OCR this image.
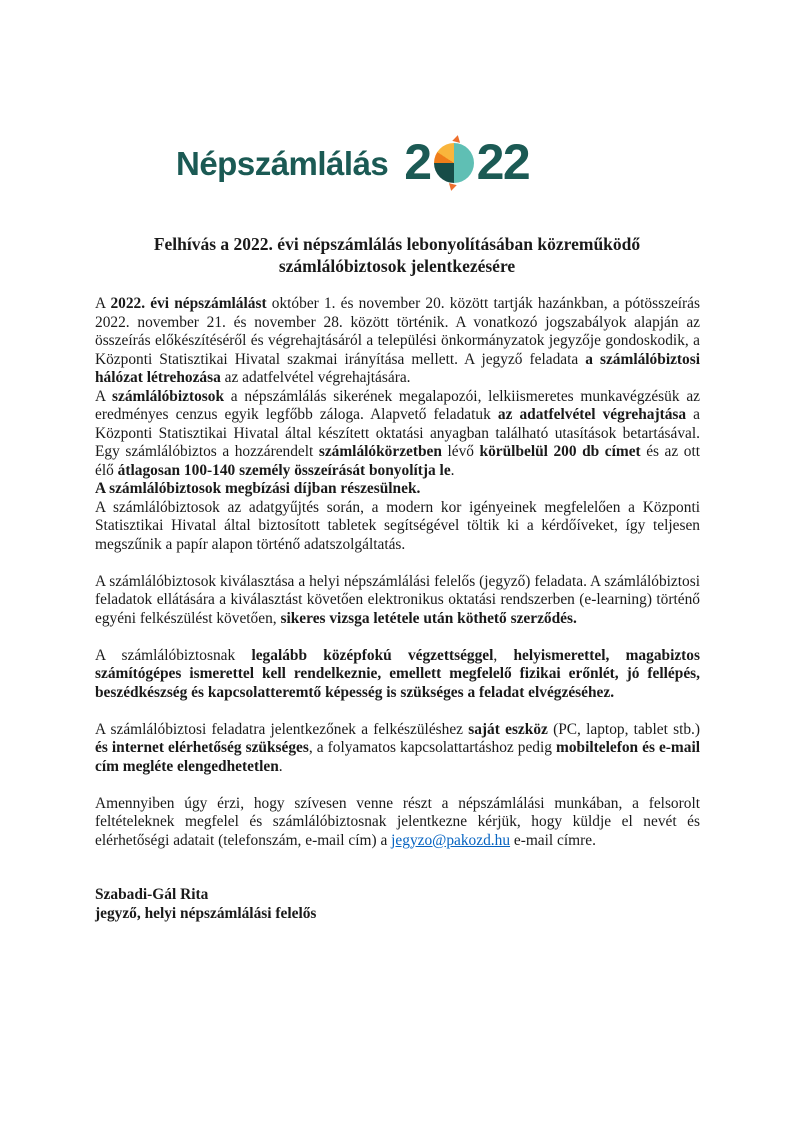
Népszámlálás 2 22
Felhívás a 2022. évi népszámlálás lebonyolításában közreműködő
számlálóbiztosok jelentkezésére

A 2022. évi népszámlálást október 1. és november 20. között tartják hazánkban, a pótösszeírás 2022. november 21. és november 28. között történik. A vonatkozó jogszabályok alapján az összeírás előkészítéséről és végrehajtásáról a települési önkormányzatok jegyzője gondoskodik, a Központi Statisztikai Hivatal szakmai irányítása mellett. A jegyző feladata a számlálóbiztosi hálózat létrehozása az adatfelvétel végrehajtására.

A számlálóbiztosok a népszámlálás sikerének megalapozói, lelkiismeretes munkavégzésük az eredményes cenzus egyik legfőbb záloga. Alapvető feladatuk az adatfelvétel végrehajtása a Központi Statisztikai Hivatal által készített oktatási anyagban található utasítások betartásával. Egy számlálóbiztos a hozzárendelt számlálókörzetben lévő körülbelül 200 db címet és az ott élő átlagosan 100-140 személy összeírását bonyolítja le.

A számlálóbiztosok megbízási díjban részesülnek.

A számlálóbiztosok az adatgyűjtés során, a modern kor igényeinek megfelelően a Központi Statisztikai Hivatal által biztosított tabletek segítségével töltik ki a kérdőíveket, így teljesen megszűnik a papír alapon történő adatszolgáltatás.

A számlálóbiztosok kiválasztása a helyi népszámlálási felelős (jegyző) feladata. A számlálóbiztosi feladatok ellátására a kiválasztást követően elektronikus oktatási rendszerben (e-learning) történő egyéni felkészülést követően, sikeres vizsga letétele után köthető szerződés.

A számlálóbiztosnak legalább középfokú végzettséggel, helyismerettel, magabiztos számítógépes ismerettel kell rendelkeznie, emellett megfelelő fizikai erőnlét, jó fellépés, beszédkészség és kapcsolatteremtő képesség is szükséges a feladat elvégzéséhez.

A számlálóbiztosi feladatra jelentkezőnek a felkészüléshez saját eszköz (PC, laptop, tablet stb.) és internet elérhetőség szükséges, a folyamatos kapcsolattartáshoz pedig mobiltelefon és e-mail cím megléte elengedhetetlen.

Amennyiben úgy érzi, hogy szívesen venne részt a népszámlálási munkában, a felsorolt feltételeknek megfelel és számlálóbiztosnak jelentkezne kérjük, hogy küldje el nevét és elérhetőségi adatait (telefonszám, e-mail cím) a jegyzo@pakozd.hu e-mail címre.

Szabadi-Gál Rita
jegyző, helyi népszámlálási felelős
